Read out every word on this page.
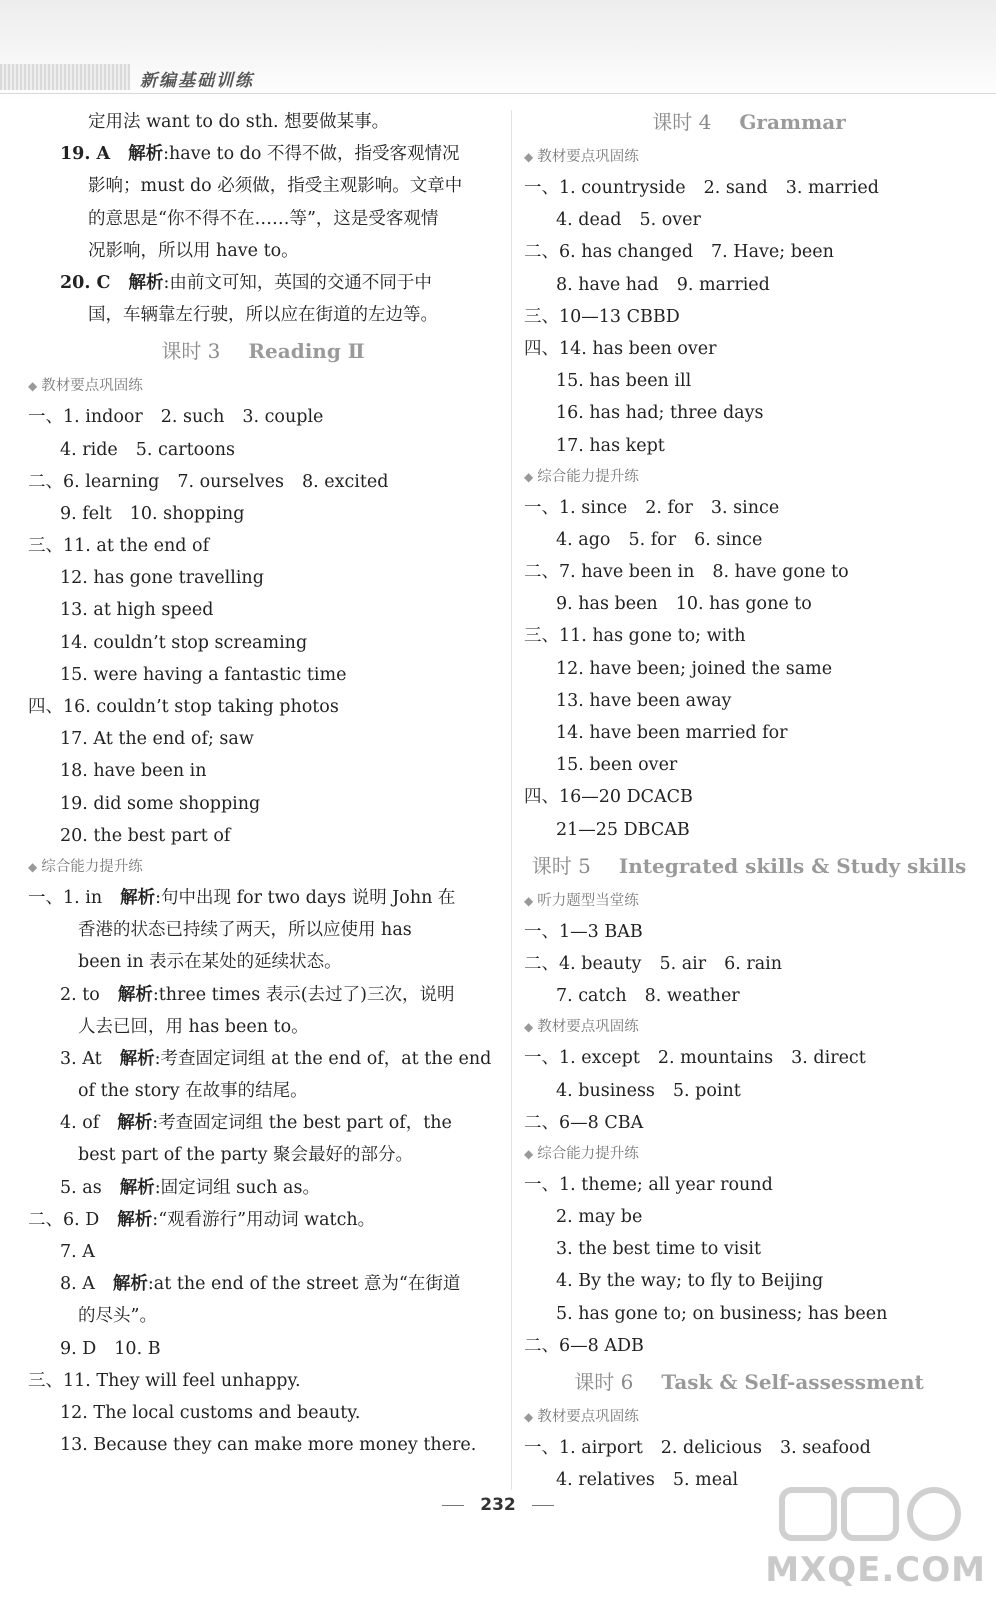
新编基础训练
定用法 want to do sth. 想要做某事。
19. A 解析:have to do 不得不做，指受客观情况
影响；must do 必须做，指受主观影响。文章中
的意思是“你不得不在……等”，这是受客观情
况影响，所以用 have to。
20. C 解析:由前文可知，英国的交通不同于中
国，车辆靠左行驶，所以应在街道的左边等。
课时 3 Reading Ⅱ
◆ 教材要点巩固练
一、1. indoor 2. such 3. couple
4. ride 5. cartoons
二、6. learning 7. ourselves 8. excited
9. felt 10. shopping
三、11. at the end of
12. has gone travelling
13. at high speed
14. couldn’t stop screaming
15. were having a fantastic time
四、16. couldn’t stop taking photos
17. At the end of; saw
18. have been in
19. did some shopping
20. the best part of
◆ 综合能力提升练
一、1. in 解析:句中出现 for two days 说明 John 在
香港的状态已持续了两天，所以应使用 has
been in 表示在某处的延续状态。
2. to 解析:three times 表示(去过了)三次，说明
人去已回，用 has been to。
3. At 解析:考查固定词组 at the end of，at the end
of the story 在故事的结尾。
4. of 解析:考查固定词组 the best part of，the
best part of the party 聚会最好的部分。
5. as 解析:固定词组 such as。
二、6. D 解析:“观看游行”用动词 watch。
7. A
8. A 解析:at the end of the street 意为“在街道
的尽头”。
9. D 10. B
三、11. They will feel unhappy.
12. The local customs and beauty.
13. Because they can make more money there.
课时 4 Grammar
◆ 教材要点巩固练
一、1. countryside 2. sand 3. married
4. dead 5. over
二、6. has changed 7. Have; been
8. have had 9. married
三、10—13 CBBD
四、14. has been over
15. has been ill
16. has had; three days
17. has kept
◆ 综合能力提升练
一、1. since 2. for 3. since
4. ago 5. for 6. since
二、7. have been in 8. have gone to
9. has been 10. has gone to
三、11. has gone to; with
12. have been; joined the same
13. have been away
14. have been married for
15. been over
四、16—20 DCACB
21—25 DBCAB
课时 5 Integrated skills & Study skills
◆ 听力题型当堂练
一、1—3 BAB
二、4. beauty 5. air 6. rain
7. catch 8. weather
◆ 教材要点巩固练
一、1. except 2. mountains 3. direct
4. business 5. point
二、6—8 CBA
◆ 综合能力提升练
一、1. theme; all year round
2. may be
3. the best time to visit
4. By the way; to fly to Beijing
5. has gone to; on business; has been
二、6—8 ADB
课时 6 Task & Self-assessment
◆ 教材要点巩固练
一、1. airport 2. delicious 3. seafood
4. relatives 5. meal
232
MXQE.COM
